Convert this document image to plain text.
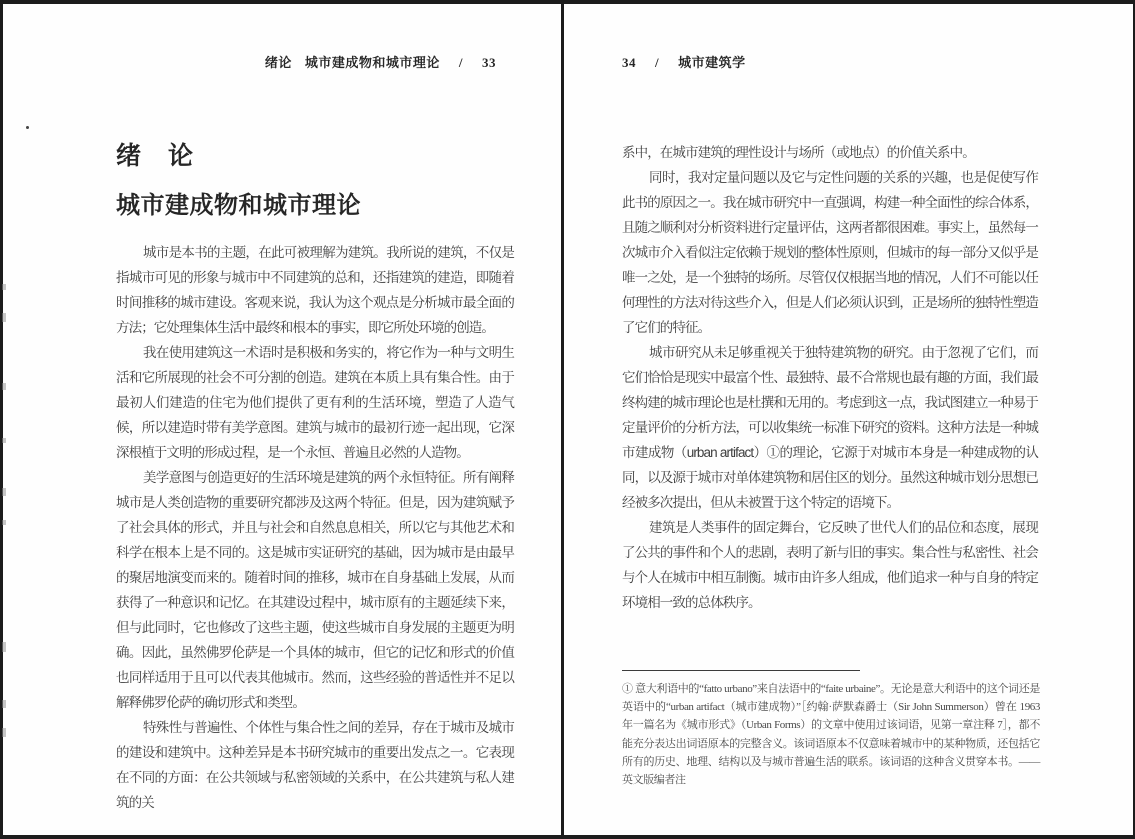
绪论 城市建成物和城市理论 / 33
绪　论
城市建成物和城市理论

城市是本书的主题，在此可被理解为建筑。我所说的建筑，不仅是指城市可见的形象与城市中不同建筑的总和，还指建筑的建造，即随着时间推移的城市建设。客观来说，我认为这个观点是分析城市最全面的方法；它处理集体生活中最终和根本的事实，即它所处环境的创造。

我在使用建筑这一术语时是积极和务实的，将它作为一种与文明生活和它所展现的社会不可分割的创造。建筑在本质上具有集合性。由于最初人们建造的住宅为他们提供了更有利的生活环境，塑造了人造气候，所以建造时带有美学意图。建筑与城市的最初行迹一起出现，它深深根植于文明的形成过程，是一个永恒、普遍且必然的人造物。

美学意图与创造更好的生活环境是建筑的两个永恒特征。所有阐释城市是人类创造物的重要研究都涉及这两个特征。但是，因为建筑赋予了社会具体的形式，并且与社会和自然息息相关，所以它与其他艺术和科学在根本上是不同的。这是城市实证研究的基础，因为城市是由最早的聚居地演变而来的。随着时间的推移，城市在自身基础上发展，从而获得了一种意识和记忆。在其建设过程中，城市原有的主题延续下来，但与此同时，它也修改了这些主题，使这些城市自身发展的主题更为明确。因此，虽然佛罗伦萨是一个具体的城市，但它的记忆和形式的价值也同样适用于且可以代表其他城市。然而，这些经验的普适性并不足以解释佛罗伦萨的确切形式和类型。

特殊性与普遍性、个体性与集合性之间的差异，存在于城市及城市的建设和建筑中。这种差异是本书研究城市的重要出发点之一。它表现在不同的方面：在公共领域与私密领域的关系中，在公共建筑与私人建筑的关

34 / 城市建筑学

系中，在城市建筑的理性设计与场所（或地点）的价值关系中。

同时，我对定量问题以及它与定性问题的关系的兴趣，也是促使写作此书的原因之一。我在城市研究中一直强调，构建一种全面性的综合体系，且随之顺利对分析资料进行定量评估，这两者都很困难。事实上，虽然每一次城市介入看似注定依赖于规划的整体性原则，但城市的每一部分又似乎是唯一之处，是一个独特的场所。尽管仅仅根据当地的情况，人们不可能以任何理性的方法对待这些介入，但是人们必须认识到，正是场所的独特性塑造了它们的特征。

城市研究从未足够重视关于独特建筑物的研究。由于忽视了它们，而它们恰恰是现实中最富个性、最独特、最不合常规也最有趣的方面，我们最终构建的城市理论也是杜撰和无用的。考虑到这一点，我试图建立一种易于定量评价的分析方法，可以收集统一标准下研究的资料。这种方法是一种城市建成物（urban artifact）①的理论，它源于对城市本身是一种建成物的认同，以及源于城市对单体建筑物和居住区的划分。虽然这种城市划分思想已经被多次提出，但从未被置于这个特定的语境下。

建筑是人类事件的固定舞台，它反映了世代人们的品位和态度，展现了公共的事件和个人的悲剧，表明了新与旧的事实。集合性与私密性、社会与个人在城市中相互制衡。城市由许多人组成，他们追求一种与自身的特定环境相一致的总体秩序。

① 意大利语中的“fatto urbano”来自法语中的“faite urbaine”。无论是意大利语中的这个词还是英语中的“urban artifact（城市建成物）”［约翰·萨默森爵士（Sir John Summerson）曾在 1963 年一篇名为《城市形式》（Urban Forms）的文章中使用过该词语，见第一章注释 7］，都不能充分表达出词语原本的完整含义。该词语原本不仅意味着城市中的某种物质，还包括它所有的历史、地理、结构以及与城市普遍生活的联系。该词语的这种含义贯穿本书。——英文版编者注
